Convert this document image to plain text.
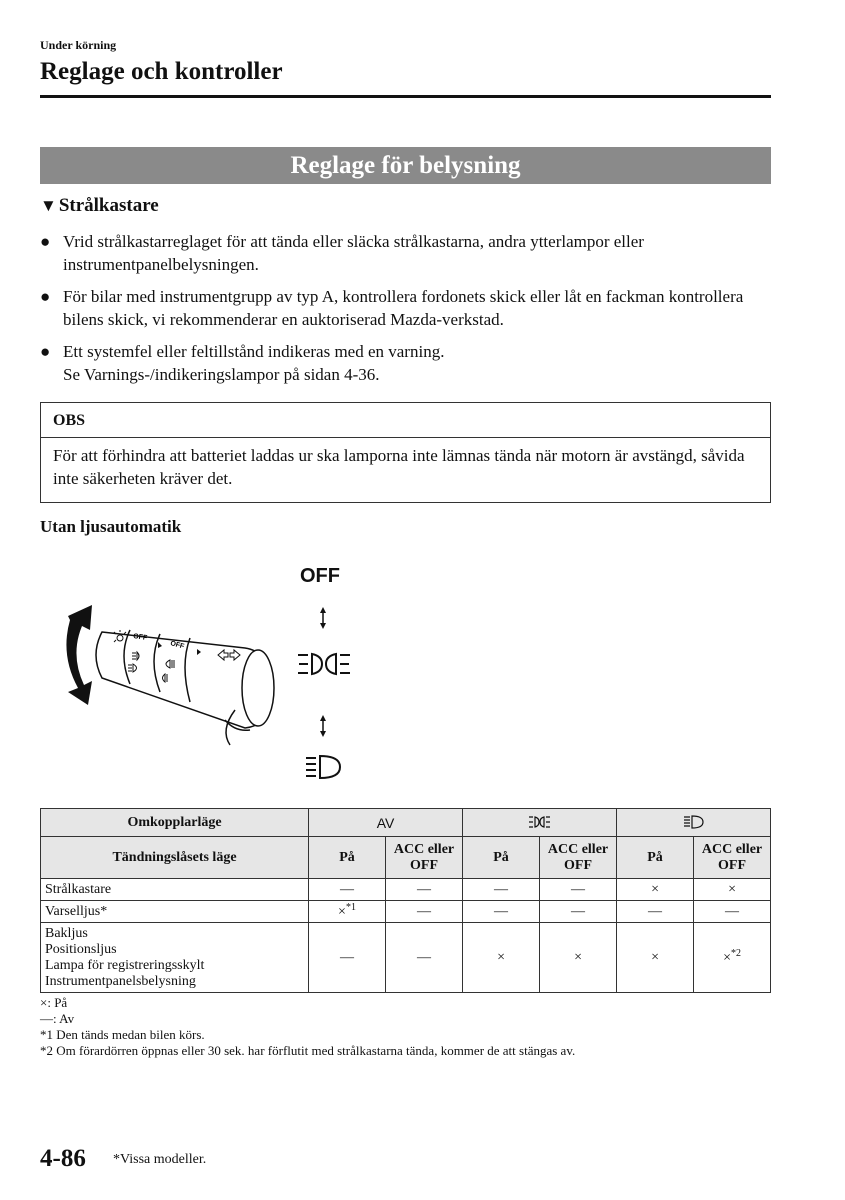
Under körning
Reglage och kontroller
Reglage för belysning
▼ Strålkastare
● Vrid strålkastarreglaget för att tända eller släcka strålkastarna, andra ytterlampor eller instrumentpanelbelysningen.
● För bilar med instrumentgrupp av typ A, kontrollera fordonets skick eller låt en fackman kontrollera bilens skick, vi rekommenderar en auktoriserad Mazda-verkstad.
● Ett systemfel eller feltillstånd indikeras med en varning.
Se Varnings-/indikeringslampor på sidan 4-36.
OBS
För att förhindra att batteriet laddas ur ska lamporna inte lämnas tända när motorn är avstängd, såvida inte säkerheten kräver det.
Utan ljusautomatik
OFF
OFF
OFF
Omkopplarläge	AV		
Tändningslåsets läge	På	ACC eller OFF	På	ACC eller OFF	På	ACC eller OFF
Strålkastare	—	—	—	—	×	×
Varselljus*	×$^{*1}$	—	—	—	—	—

Bakljus
Positionsljus
Lampa för registreringsskylt
Instrumentpanelsbelysning	—	—	×	×	×	×$^{*2}$
×: På
—: Av
*1 Den tänds medan bilen körs.
*2 Om förardörren öppnas eller 30 sek. har förflutit med strålkastarna tända, kommer de att stängas av.
4-86 *Vissa modeller.
